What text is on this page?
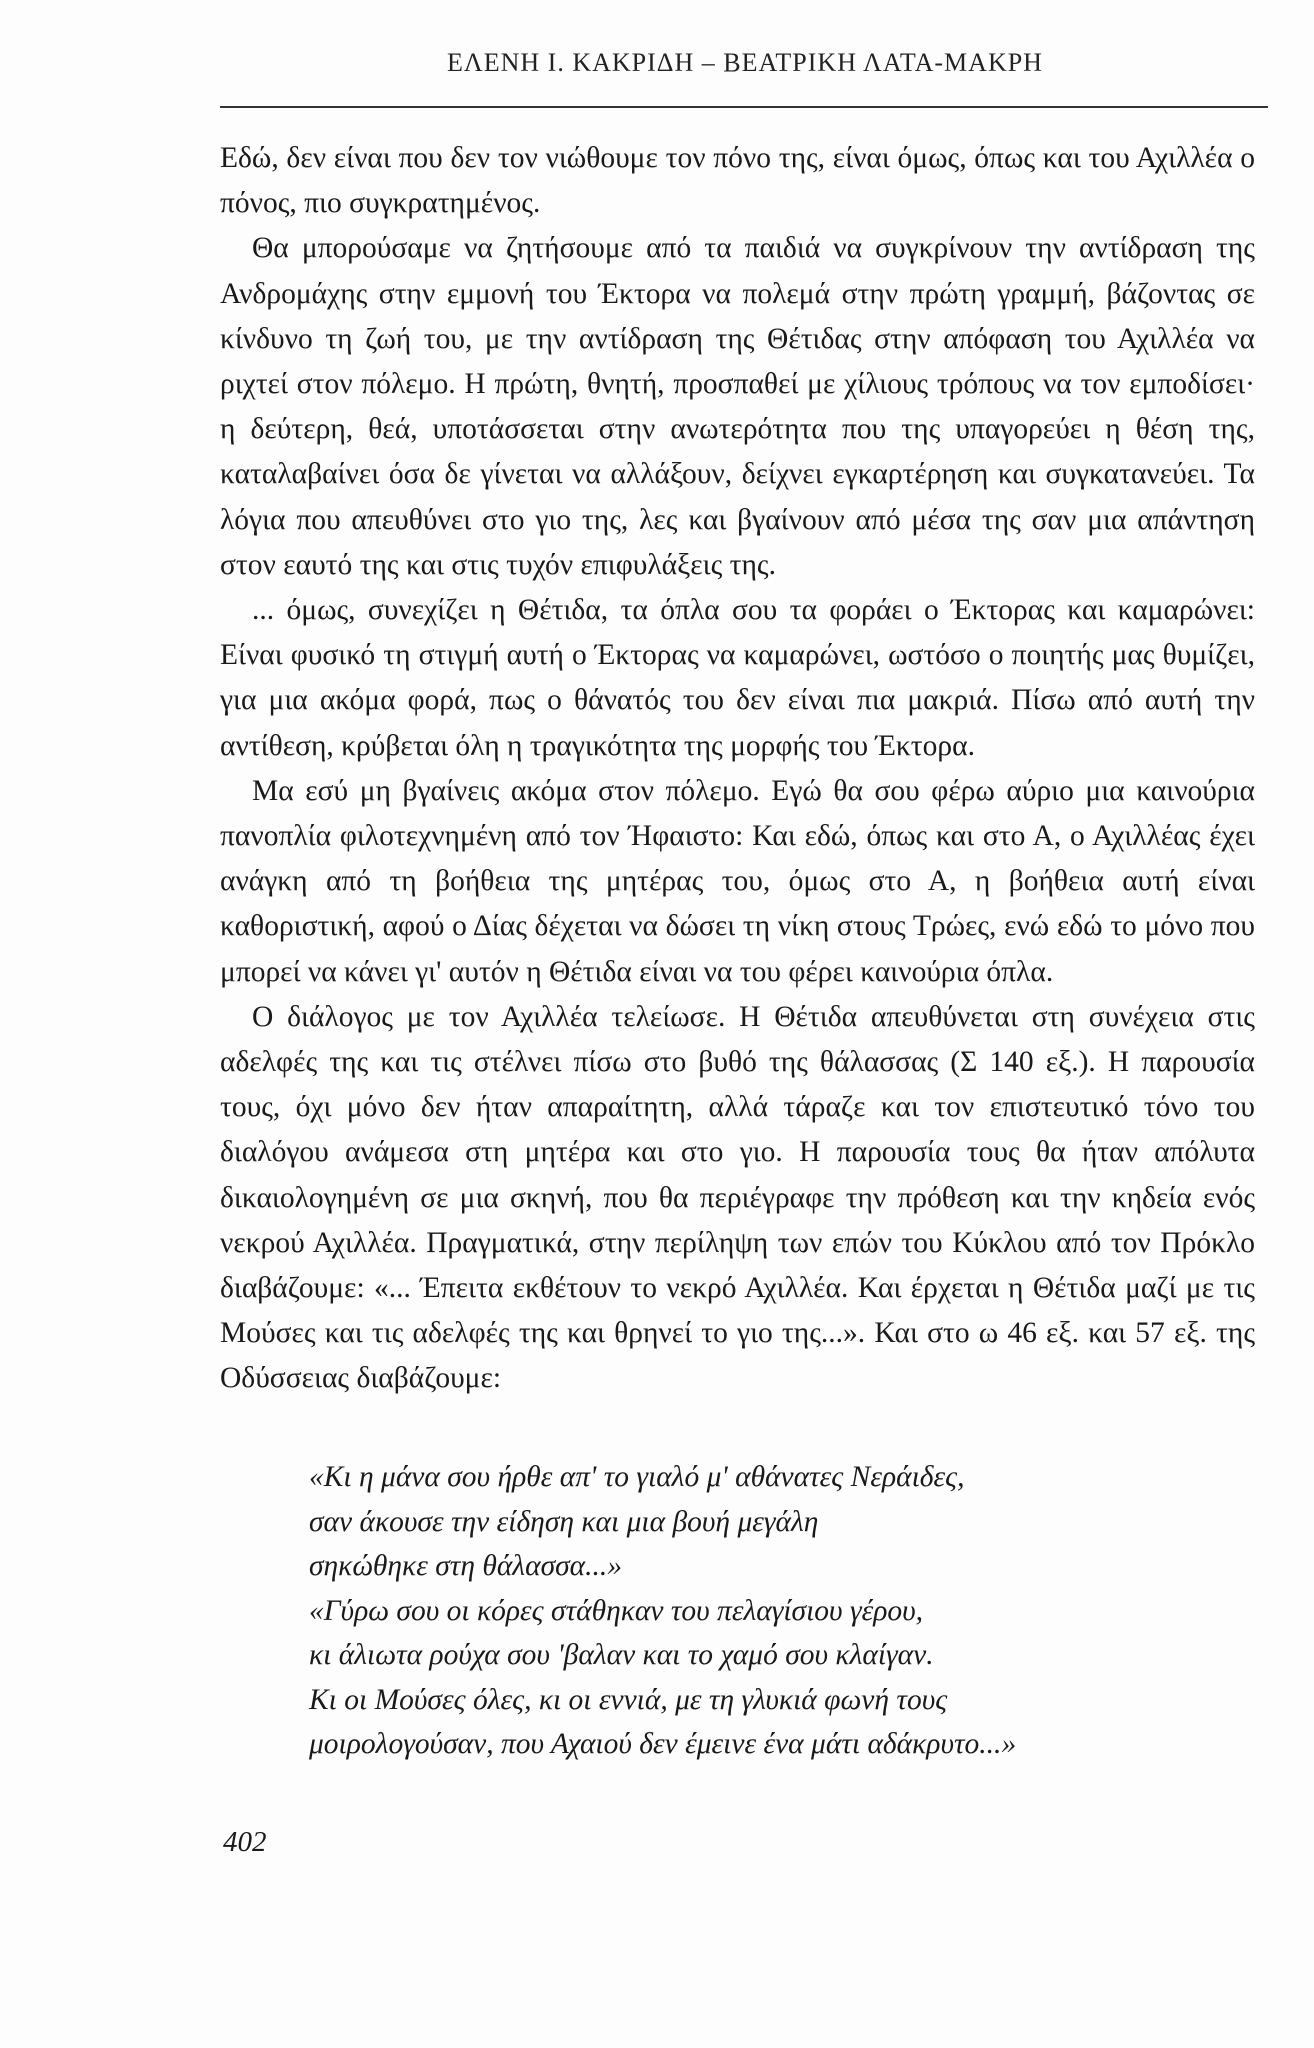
ΕΛΕΝΗ Ι. ΚΑΚΡΙΔΗ – ΒΕΑΤΡΙΚΗ ΛΑΤΑ-ΜΑΚΡΗ

Εδώ, δεν είναι που δεν τον νιώθουμε τον πόνο της, είναι όμως, όπως και του Αχιλλέα ο πόνος, πιο συγκρατημένος.

Θα μπορούσαμε να ζητήσουμε από τα παιδιά να συγκρίνουν την αντίδραση της Ανδρομάχης στην εμμονή του Έκτορα να πολεμά στην πρώτη γραμμή, βάζοντας σε κίνδυνο τη ζωή του, με την αντίδραση της Θέτιδας στην απόφαση του Αχιλλέα να ριχτεί στον πόλεμο. Η πρώτη, θνητή, προσπαθεί με χίλιους τρόπους να τον εμποδίσει· η δεύτερη, θεά, υποτάσσεται στην ανωτερότητα που της υπαγορεύει η θέση της, καταλαβαίνει όσα δε γίνεται να αλλάξουν, δείχνει εγκαρτέρηση και συγκατανεύει. Τα λόγια που απευθύνει στο γιο της, λες και βγαίνουν από μέσα της σαν μια απάντηση στον εαυτό της και στις τυχόν επιφυλάξεις της.

... όμως, συνεχίζει η Θέτιδα, τα όπλα σου τα φοράει ο Έκτορας και καμαρώνει: Είναι φυσικό τη στιγμή αυτή ο Έκτορας να καμαρώνει, ωστόσο ο ποιητής μας θυμίζει, για μια ακόμα φορά, πως ο θάνατός του δεν είναι πια μακριά. Πίσω από αυτή την αντίθεση, κρύβεται όλη η τραγικότητα της μορφής του Έκτορα.

Μα εσύ μη βγαίνεις ακόμα στον πόλεμο. Εγώ θα σου φέρω αύριο μια καινούρια πανοπλία φιλοτεχνημένη από τον Ήφαιστο: Και εδώ, όπως και στο Α, ο Αχιλλέας έχει ανάγκη από τη βοήθεια της μητέρας του, όμως στο Α, η βοήθεια αυτή είναι καθοριστική, αφού ο Δίας δέχεται να δώσει τη νίκη στους Τρώες, ενώ εδώ το μόνο που μπορεί να κάνει γι' αυτόν η Θέτιδα είναι να του φέρει καινούρια όπλα.

Ο διάλογος με τον Αχιλλέα τελείωσε. Η Θέτιδα απευθύνεται στη συνέχεια στις αδελφές της και τις στέλνει πίσω στο βυθό της θάλασσας (Σ 140 εξ.). Η παρουσία τους, όχι μόνο δεν ήταν απαραίτητη, αλλά τάραζε και τον επιστευτικό τόνο του διαλόγου ανάμεσα στη μητέρα και στο γιο. Η παρουσία τους θα ήταν απόλυτα δικαιολογημένη σε μια σκηνή, που θα περιέγραφε την πρόθεση και την κηδεία ενός νεκρού Αχιλλέα. Πραγματικά, στην περίληψη των επών του Κύκλου από τον Πρόκλο διαβάζουμε: «... Έπειτα εκθέτουν το νεκρό Αχιλλέα. Και έρχεται η Θέτιδα μαζί με τις Μούσες και τις αδελφές της και θρηνεί το γιο της...». Και στο ω 46 εξ. και 57 εξ. της Οδύσσειας διαβάζουμε:

«Κι η μάνα σου ήρθε απ' το γιαλό μ' αθάνατες Νεράιδες,
σαν άκουσε την είδηση και μια βουή μεγάλη
σηκώθηκε στη θάλασσα...»
«Γύρω σου οι κόρες στάθηκαν του πελαγίσιου γέρου,
κι άλιωτα ρούχα σου 'βαλαν και το χαμό σου κλαίγαν.
Κι οι Μούσες όλες, κι οι εννιά, με τη γλυκιά φωνή τους
μοιρολογούσαν, που Αχαιού δεν έμεινε ένα μάτι αδάκρυτο...»
402
